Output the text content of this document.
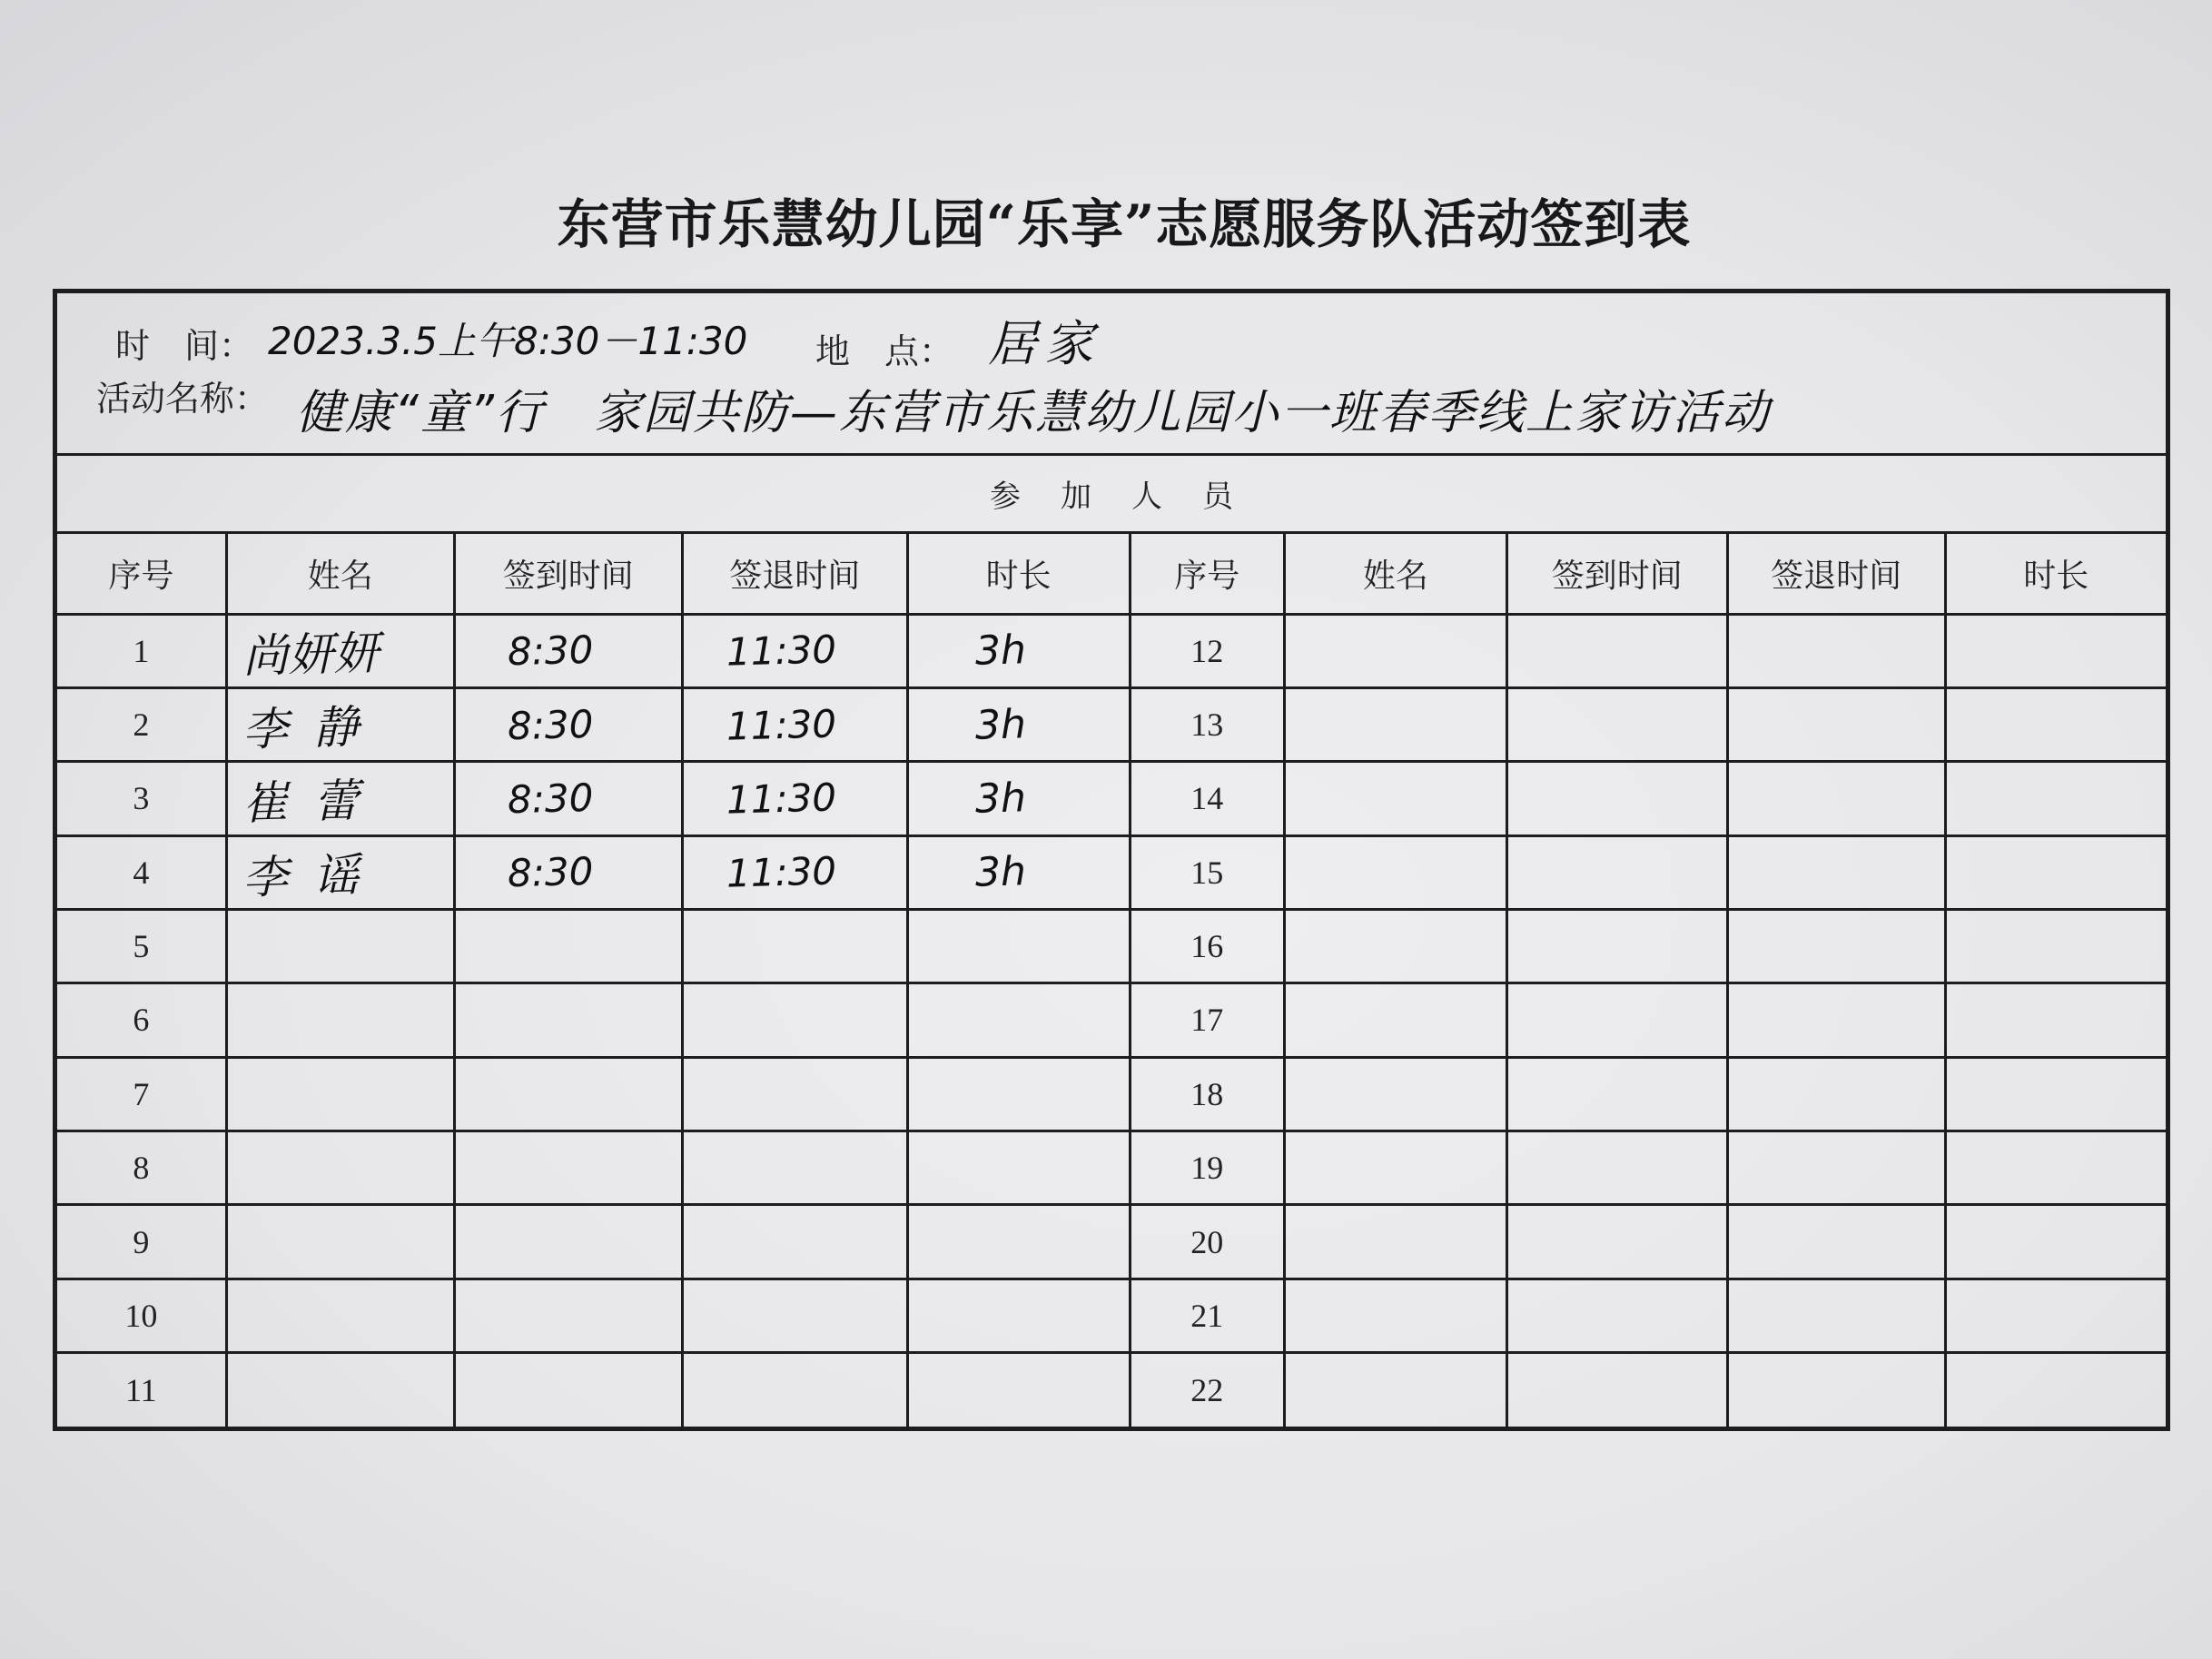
东营市乐慧幼儿园“乐享”志愿服务队活动签到表
时　间： 2023.3.5上午8:30－11:30 地　点： 居家
活动名称： 健康“童”行　家园共防—东营市乐慧幼儿园小一班春季线上家访活动
参加人员
序号	姓名	签到时间	签退时间	时长	序号	姓名	签到时间	签退时间	时长
1	尚妍妍	8:30	11:30	3h	12				
2	李静	8:30	11:30	3h	13				
3	崔蕾	8:30	11:30	3h	14				
4	李谣	8:30	11:30	3h	15				
5					16				
6					17				
7					18				
8					19				
9					20				
10					21				
11					22				
